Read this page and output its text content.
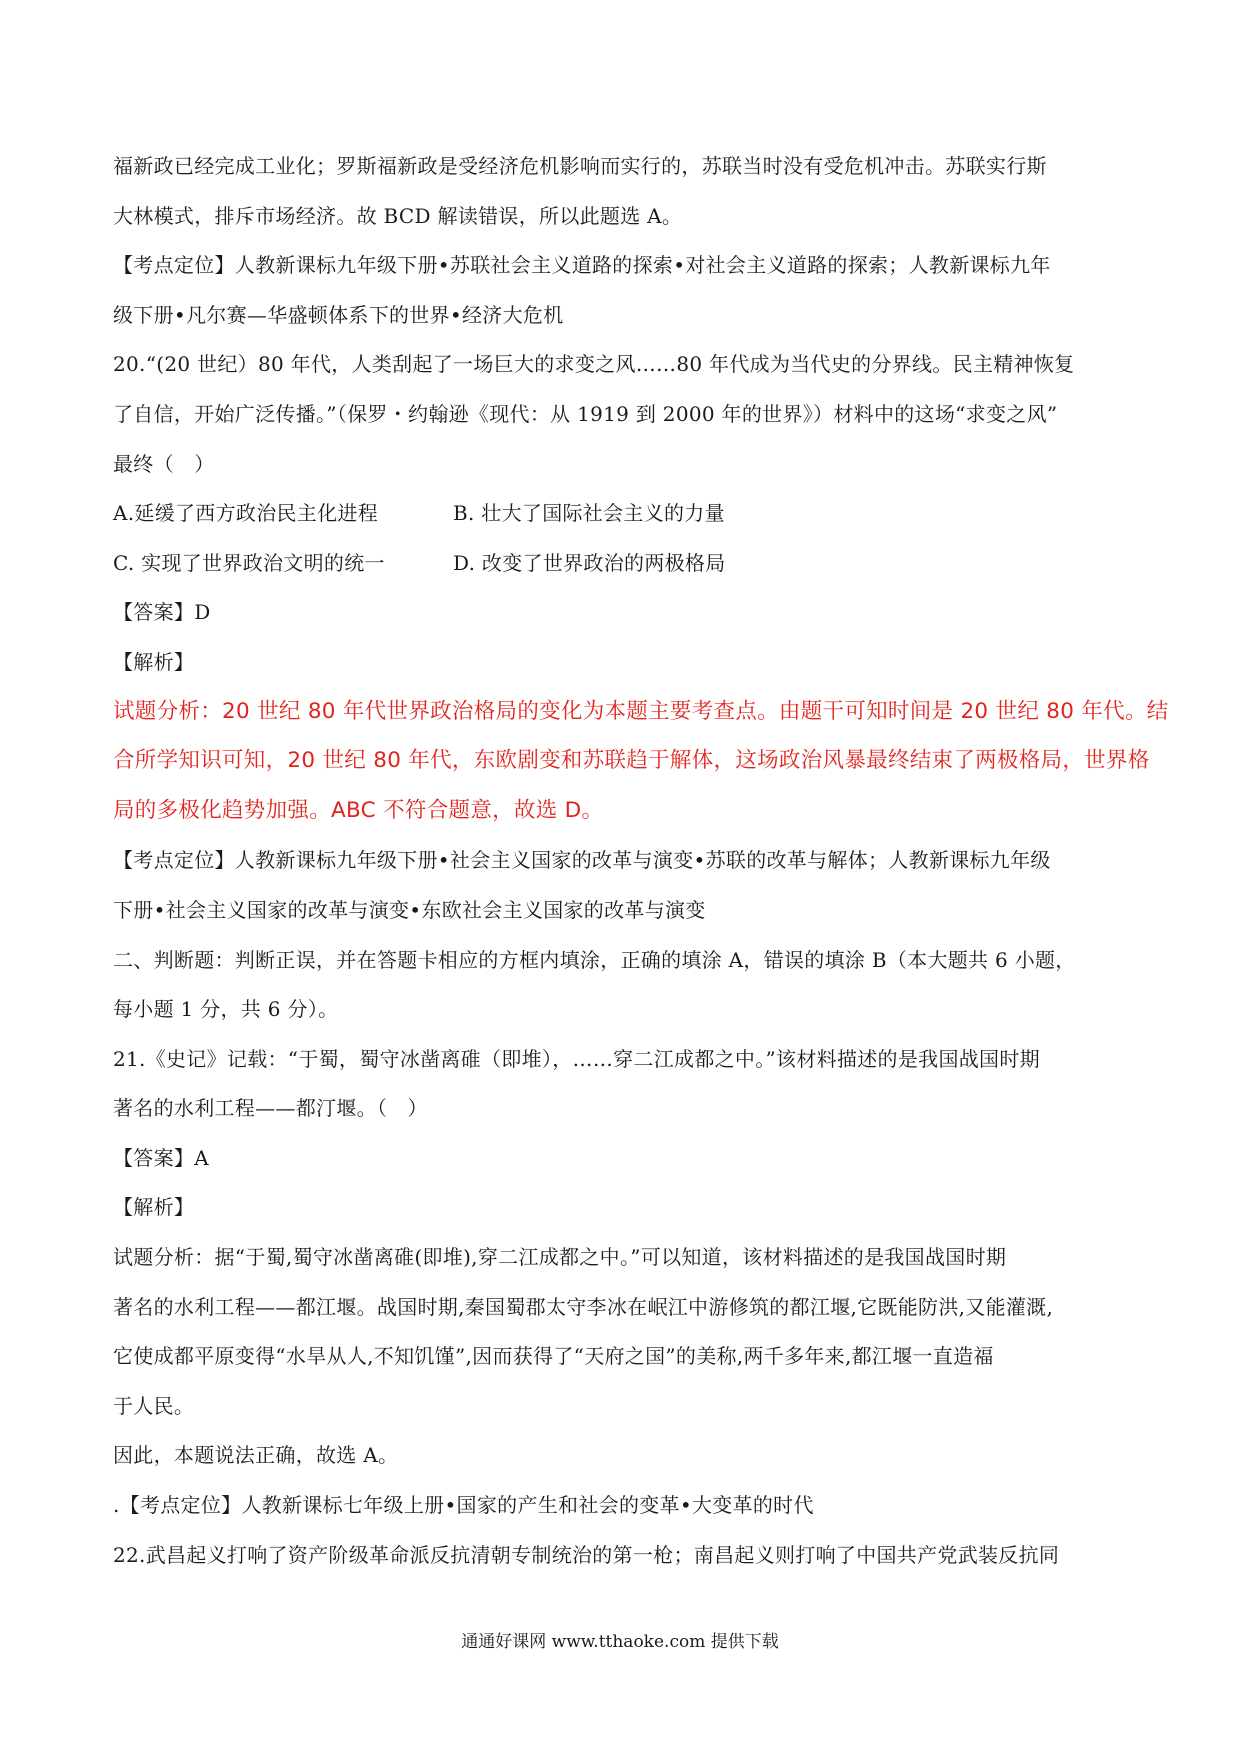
福新政已经完成工业化；罗斯福新政是受经济危机影响而实行的，苏联当时没有受危机冲击。苏联实行斯
大林模式，排斥市场经济。故 BCD 解读错误，所以此题选 A。
【考点定位】人教新课标九年级下册•苏联社会主义道路的探索•对社会主义道路的探索；人教新课标九年
级下册•凡尔赛—华盛顿体系下的世界•经济大危机
20.“(20 世纪）80 年代，人类刮起了一场巨大的求变之风……80 年代成为当代史的分界线。民主精神恢复
了自信，开始广泛传播。”（保罗・约翰逊《现代：从 1919 到 2000 年的世界》）材料中的这场“求变之风”
最终（　）
A.延缓了西方政治民主化进程	B. 壮大了国际社会主义的力量
C. 实现了世界政治文明的统一	D. 改变了世界政治的两极格局
【答案】D
【解析】
试题分析：20 世纪 80 年代世界政治格局的变化为本题主要考查点。由题干可知时间是 20 世纪 80 年代。结
合所学知识可知，20 世纪 80 年代，东欧剧变和苏联趋于解体，这场政治风暴最终结束了两极格局，世界格
局的多极化趋势加强。ABC 不符合题意，故选 D。
【考点定位】人教新课标九年级下册•社会主义国家的改革与演变•苏联的改革与解体；人教新课标九年级
下册•社会主义国家的改革与演变•东欧社会主义国家的改革与演变
二、判断题：判断正误，并在答题卡相应的方框内填涂，正确的填涂 A，错误的填涂 B（本大题共 6 小题，
每小题 1 分，共 6 分）。
21.《史记》记载：“于蜀，蜀守冰凿离碓（即堆），……穿二江成都之中。”该材料描述的是我国战国时期
著名的水利工程——都汀堰。（　）
【答案】A
【解析】
试题分析：据“于蜀,蜀守冰凿离碓(即堆),穿二江成都之中。”可以知道，该材料描述的是我国战国时期
著名的水利工程——都江堰。战国时期,秦国蜀郡太守李冰在岷江中游修筑的都江堰,它既能防洪,又能灌溉,
它使成都平原变得“水旱从人,不知饥馑”,因而获得了“天府之国”的美称,两千多年来,都江堰一直造福
于人民。
因此，本题说法正确，故选 A。
.【考点定位】人教新课标七年级上册•国家的产生和社会的变革•大变革的时代
22.武昌起义打响了资产阶级革命派反抗清朝专制统治的第一枪；南昌起义则打响了中国共产党武装反抗同
通通好课网 www.tthaoke.com 提供下载
